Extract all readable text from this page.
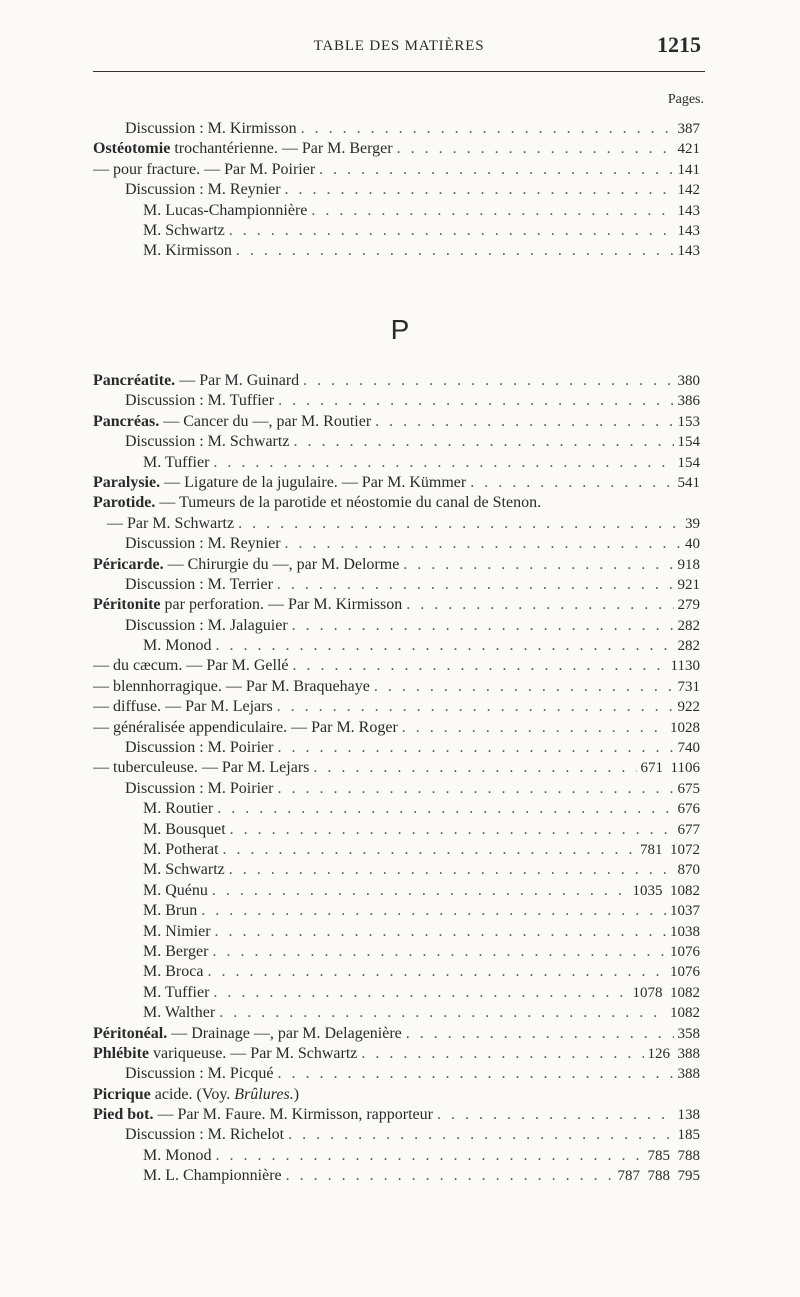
TABLE DES MATIÈRES	1215
Pages.
Discussion : M. Kirmisson . . .	387
Ostéotomie trochantérienne. — Par M. Berger . . .	421
— pour fracture. — Par M. Poirier . . .	141
Discussion : M. Reynier . . .	142
M. Lucas-Championnière . . .	143
M. Schwartz . . .	143
M. Kirmisson . . .	143
P
Pancréatite. — Par M. Guinard . . .	380
Discussion : M. Tuffier . . .	386
Pancréas. — Cancer du —, par M. Routier . . .	153
Discussion : M. Schwartz . . .	154
M. Tuffier . . .	154
Paralysie. — Ligature de la jugulaire. — Par M. Kümmer . . .	541
Parotide. — Tumeurs de la parotide et néostomie du canal de Stenon.
— Par M. Schwartz . . .	39
Discussion : M. Reynier . . .	40
Péricarde. — Chirurgie du —, par M. Delorme . . .	918
Discussion : M. Terrier . . .	921
Péritonite par perforation. — Par M. Kirmisson . . .	279
Discussion : M. Jalaguier . . .	282
M. Monod . . .	282
— du cæcum. — Par M. Gellé . . .	1130
— blennhorragique. — Par M. Braquehaye . . .	731
— diffuse. — Par M. Lejars . . .	922
— généralisée appendiculaire. — Par M. Roger . . .	1028
Discussion : M. Poirier . . .	740
— tuberculeuse. — Par M. Lejars . . .	671  1106
Discussion : M. Poirier . . .	675
M. Routier . . .	676
M. Bousquet . . .	677
M. Potherat . . .	781  1072
M. Schwartz . . .	870
M. Quénu . . .	1035  1082
M. Brun . . .	1037
M. Nimier . . .	1038
M. Berger . . .	1076
M. Broca . . .	1076
M. Tuffier . . .	1078  1082
M. Walther . . .	1082
Péritonéal. — Drainage —, par M. Delagenière . . .	358
Phlébite variqueuse. — Par M. Schwartz . . .	126  388
Discussion : M. Picqué . . .	388
Picrique acide. (Voy. Brûlures. )
Pied bot. — Par M. Faure. M. Kirmisson, rapporteur . . .	138
Discussion : M. Richelot . . .	185
M. Monod . . .	785  788
M. L. Championnière . . .	787  788  795
